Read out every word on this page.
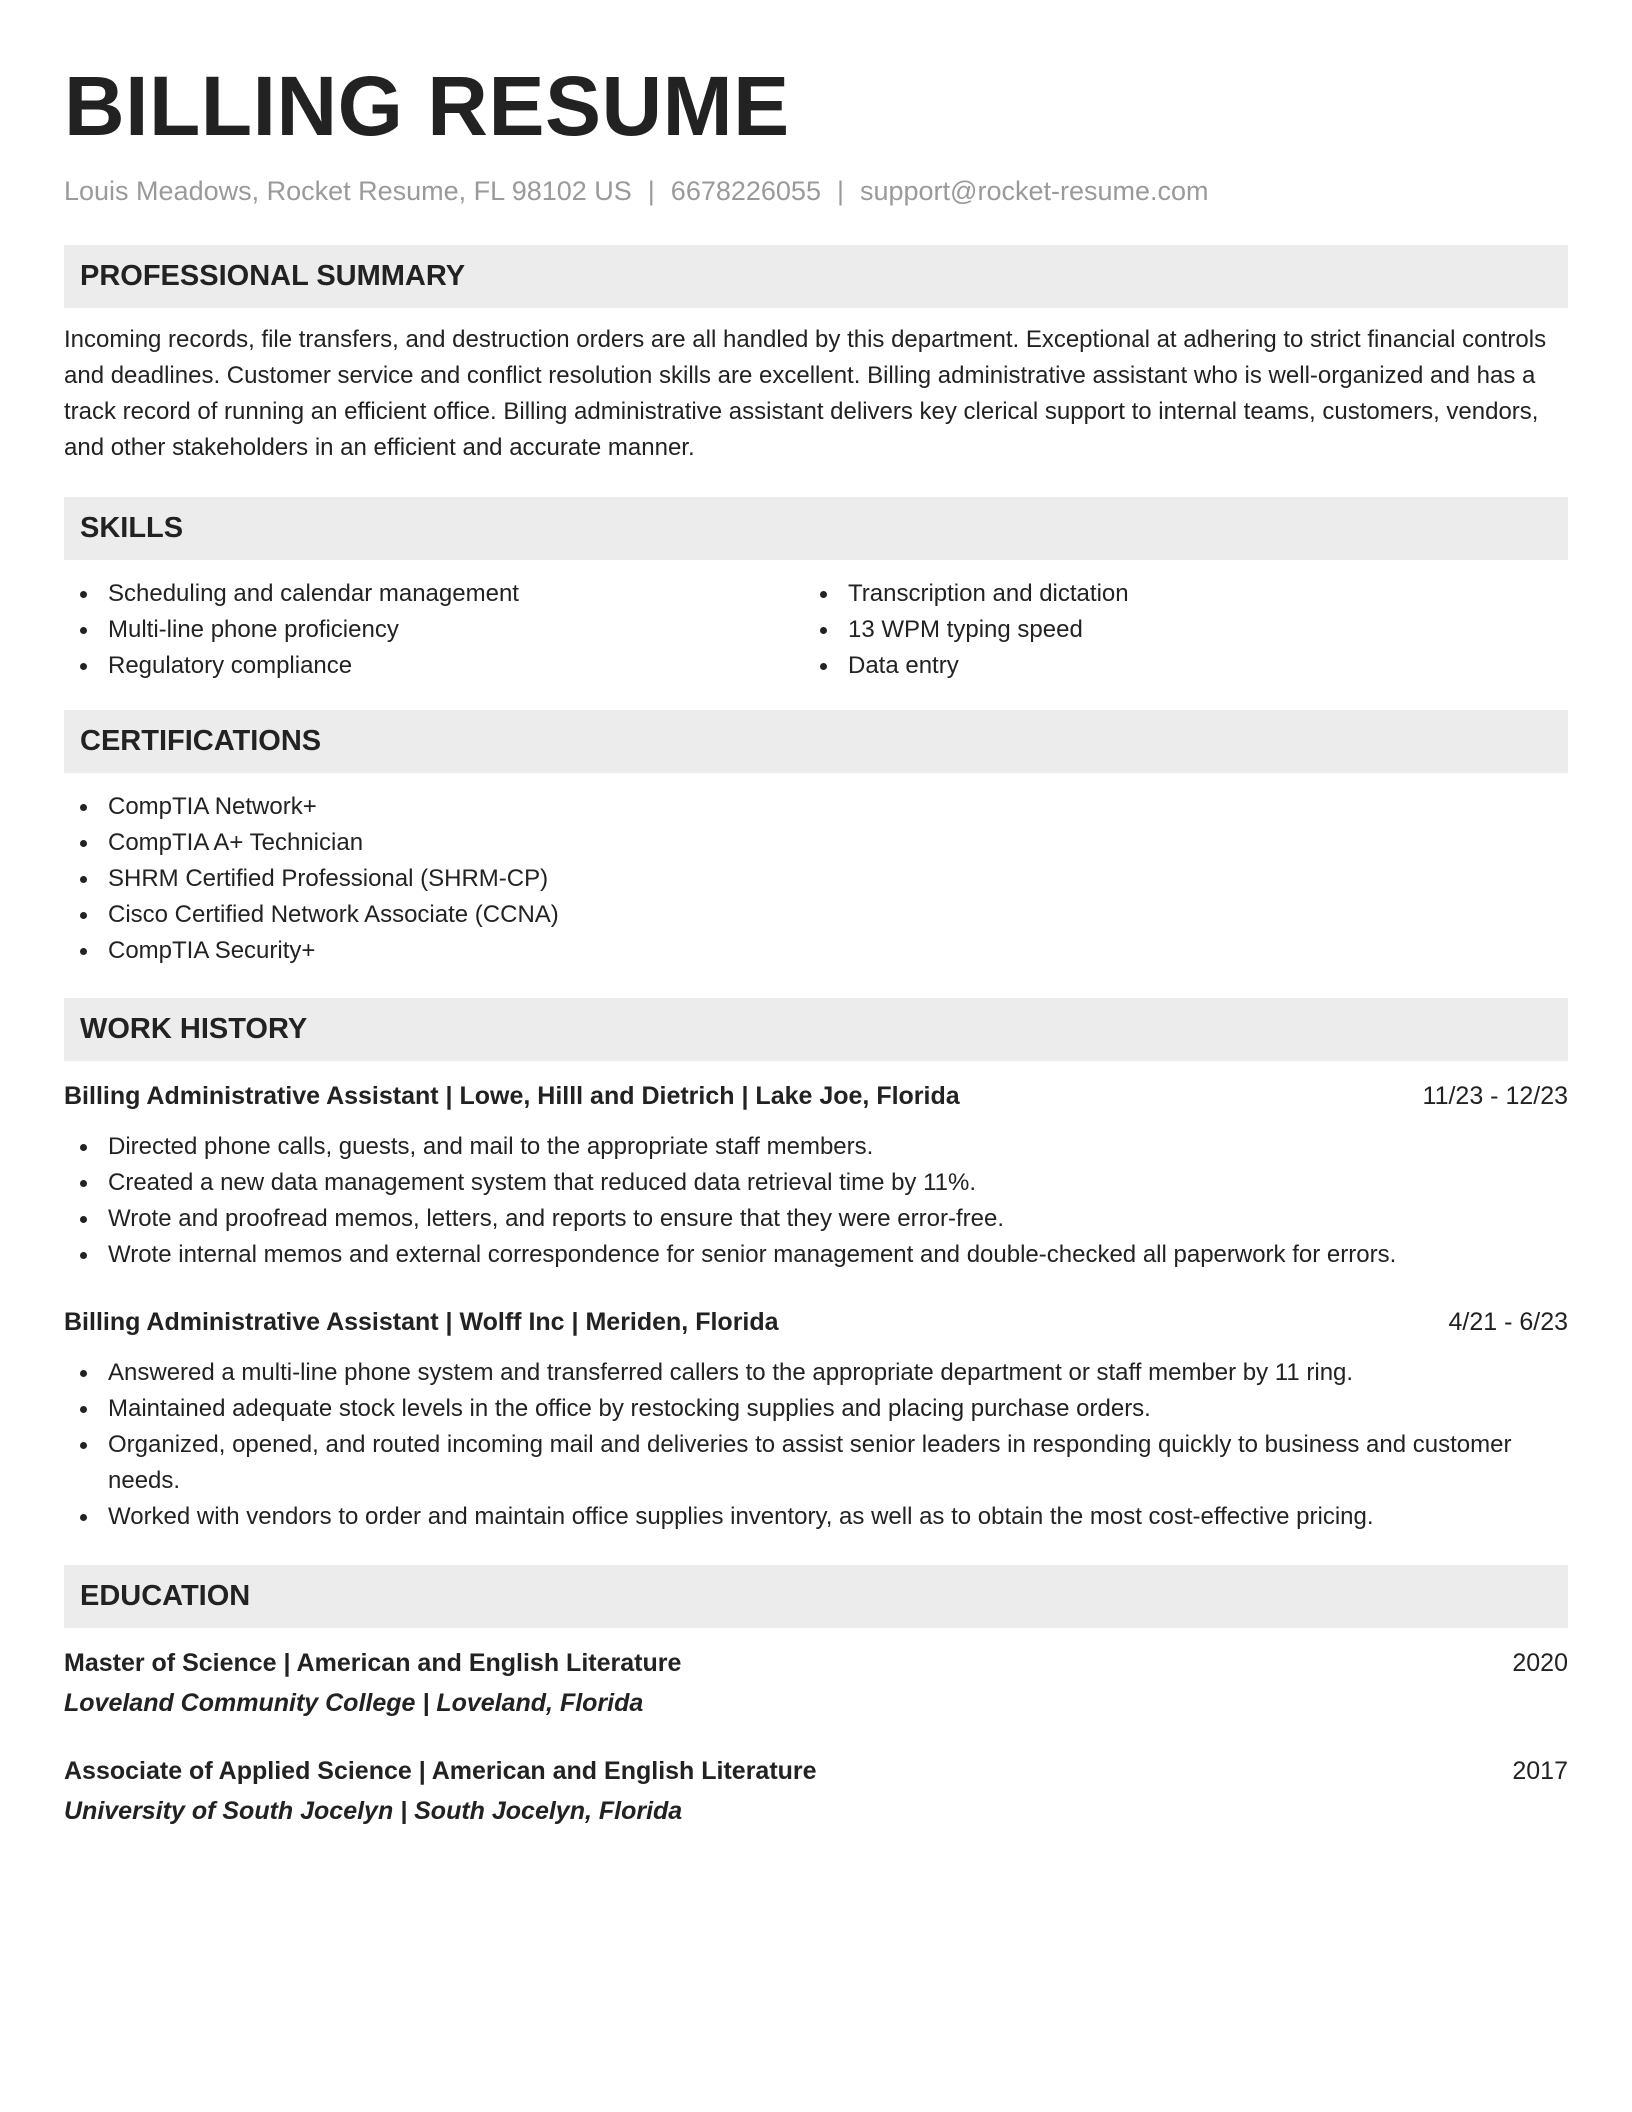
BILLING RESUME
Louis Meadows, Rocket Resume, FL 98102 US | 6678226055 | support@rocket-resume.com
PROFESSIONAL SUMMARY

Incoming records, file transfers, and destruction orders are all handled by this department. Exceptional at adhering to strict financial controls and deadlines. Customer service and conflict resolution skills are excellent. Billing administrative assistant who is well-organized and has a track record of running an efficient office. Billing administrative assistant delivers key clerical support to internal teams, customers, vendors, and other stakeholders in an efficient and accurate manner.

SKILLS
Scheduling and calendar management
Multi-line phone proficiency
Regulatory compliance
Transcription and dictation
13 WPM typing speed
Data entry
CERTIFICATIONS
CompTIA Network+
CompTIA A+ Technician
SHRM Certified Professional (SHRM-CP)
Cisco Certified Network Associate (CCNA)
CompTIA Security+
WORK HISTORY
Billing Administrative Assistant | Lowe, Hilll and Dietrich | Lake Joe, Florida	11/23 - 12/23
Directed phone calls, guests, and mail to the appropriate staff members.
Created a new data management system that reduced data retrieval time by 11%.
Wrote and proofread memos, letters, and reports to ensure that they were error-free.
Wrote internal memos and external correspondence for senior management and double-checked all paperwork for errors.
Billing Administrative Assistant | Wolff Inc | Meriden, Florida	4/21 - 6/23
Answered a multi-line phone system and transferred callers to the appropriate department or staff member by 11 ring.
Maintained adequate stock levels in the office by restocking supplies and placing purchase orders.
Organized, opened, and routed incoming mail and deliveries to assist senior leaders in responding quickly to business and customer needs.
Worked with vendors to order and maintain office supplies inventory, as well as to obtain the most cost-effective pricing.
EDUCATION
Master of Science | American and English Literature	2020
Loveland Community College | Loveland, Florida
Associate of Applied Science | American and English Literature	2017
University of South Jocelyn | South Jocelyn, Florida
